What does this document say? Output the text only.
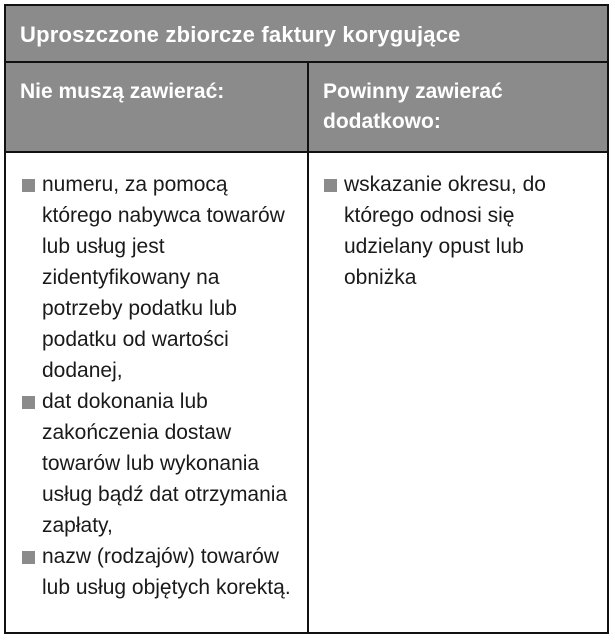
Uproszczone zbiorcze faktury korygujące
Nie muszą zawierać:	Powinny zawierać dodatkowo:

numeru, za pomocą którego nabywca towarów lub usług jest zidentyfikowany na potrzeby podatku lub podatku od wartości dodanej,

dat dokonania lub zakończenia dostaw towarów lub wykonania usług bądź dat otrzymania zapłaty,

nazw (rodzajów) towarów lub usług objętych korektą.

wskazanie okresu, do którego odnosi się udzielany opust lub obniżka
